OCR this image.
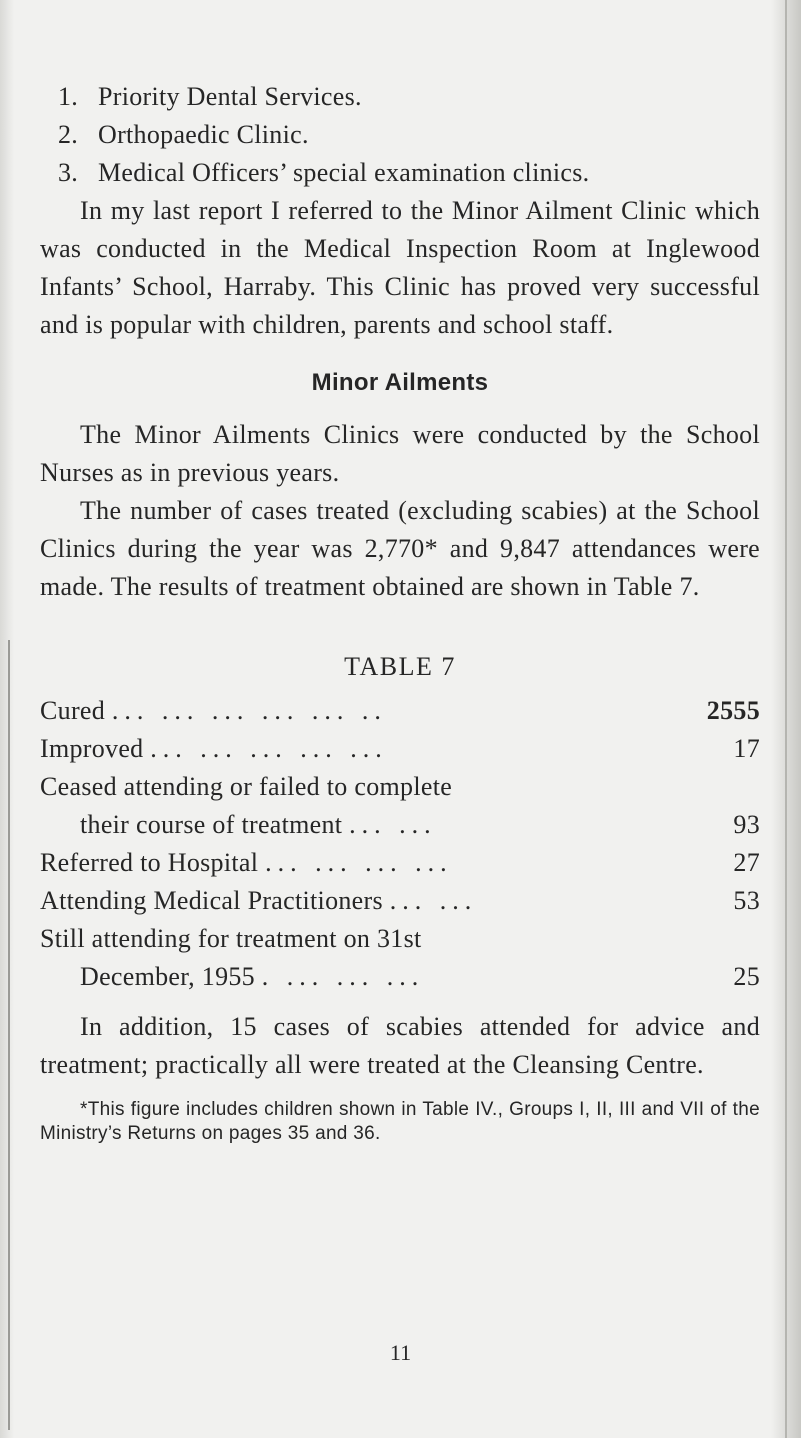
1. Priority Dental Services.
2. Orthopaedic Clinic.
3. Medical Officers’ special examination clinics.

In my last report I referred to the Minor Ailment Clinic which was conducted in the Medical Inspection Room at Inglewood Infants’ School, Harraby. This Clinic has proved very successful and is popular with children, parents and school staff.

Minor Ailments

The Minor Ailments Clinics were conducted by the School Nurses as in previous years.

The number of cases treated (excluding scabies) at the School Clinics during the year was 2,770* and 9,847 attendances were made. The results of treatment obtained are shown in Table 7.

TABLE 7
Cured ... ... ... ... ... ..	2555
Improved ... ... ... ... ...	17
Ceased attending or failed to complete
their course of treatment ... ...	93
Referred to Hospital ... ... ... ...	27
Attending Medical Practitioners ... ...	53
Still attending for treatment on 31st
December, 1955 . ... ... ...	25

In addition, 15 cases of scabies attended for advice and treatment; practically all were treated at the Cleansing Centre.

*This figure includes children shown in Table IV., Groups I, II, III and VII of the Ministry’s Returns on pages 35 and 36.
11
